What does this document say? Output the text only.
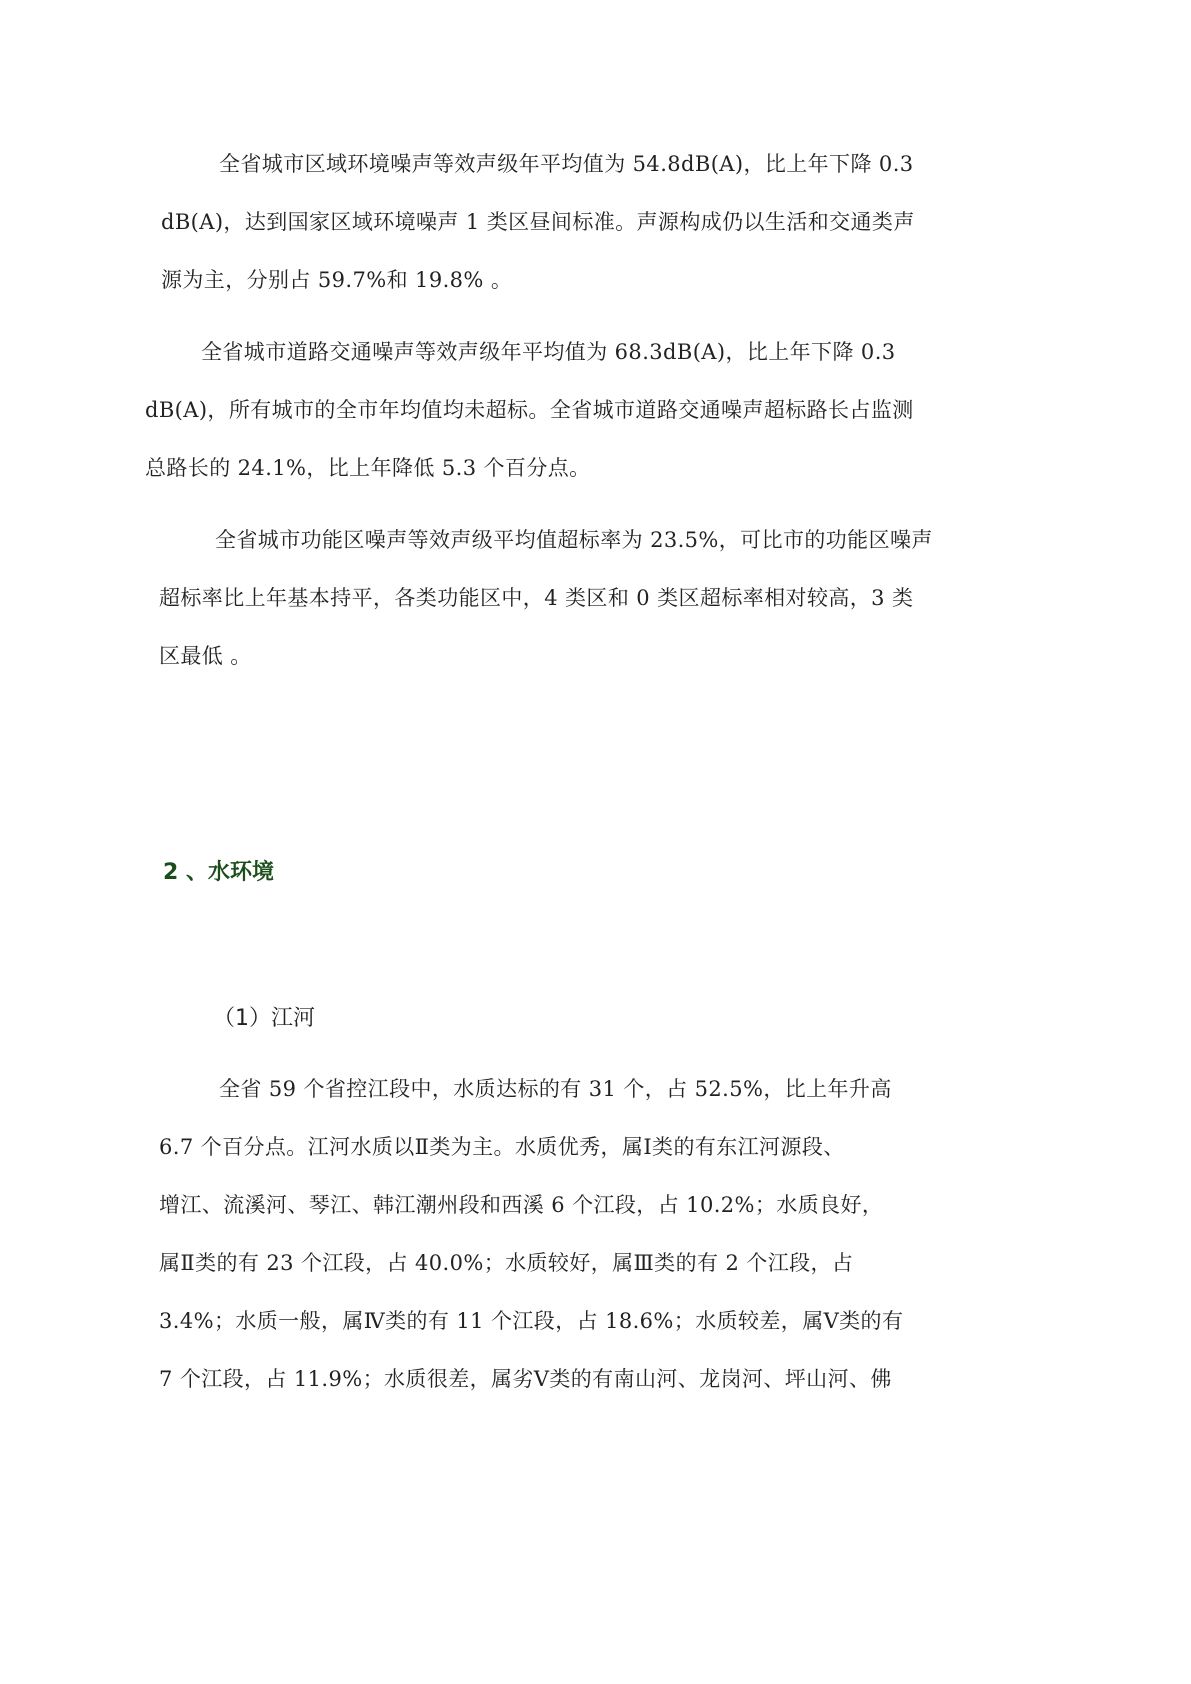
全省城市区域环境噪声等效声级年平均值为 54.8dB(A)，比上年下降 0.3
dB(A)，达到国家区域环境噪声 1 类区昼间标准。声源构成仍以生活和交通类声
源为主，分别占 59.7%和 19.8% 。
全省城市道路交通噪声等效声级年平均值为 68.3dB(A)，比上年下降 0.3
dB(A)，所有城市的全市年均值均未超标。全省城市道路交通噪声超标路长占监测
总路长的 24.1%，比上年降低 5.3 个百分点。
全省城市功能区噪声等效声级平均值超标率为 23.5%，可比市的功能区噪声
超标率比上年基本持平，各类功能区中，4 类区和 0 类区超标率相对较高，3 类
区最低 。
2 、水环境
（1）江河
全省 59 个省控江段中，水质达标的有 31 个，占 52.5%，比上年升高
6.7 个百分点。江河水质以Ⅱ类为主。水质优秀，属Ⅰ类的有东江河源段、
增江、流溪河、琴江、韩江潮州段和西溪 6 个江段，占 10.2%；水质良好，
属Ⅱ类的有 23 个江段，占 40.0%；水质较好，属Ⅲ类的有 2 个江段，占
3.4%；水质一般，属Ⅳ类的有 11 个江段，占 18.6%；水质较差，属Ⅴ类的有
7 个江段，占 11.9%；水质很差，属劣Ⅴ类的有南山河、龙岗河、坪山河、佛
